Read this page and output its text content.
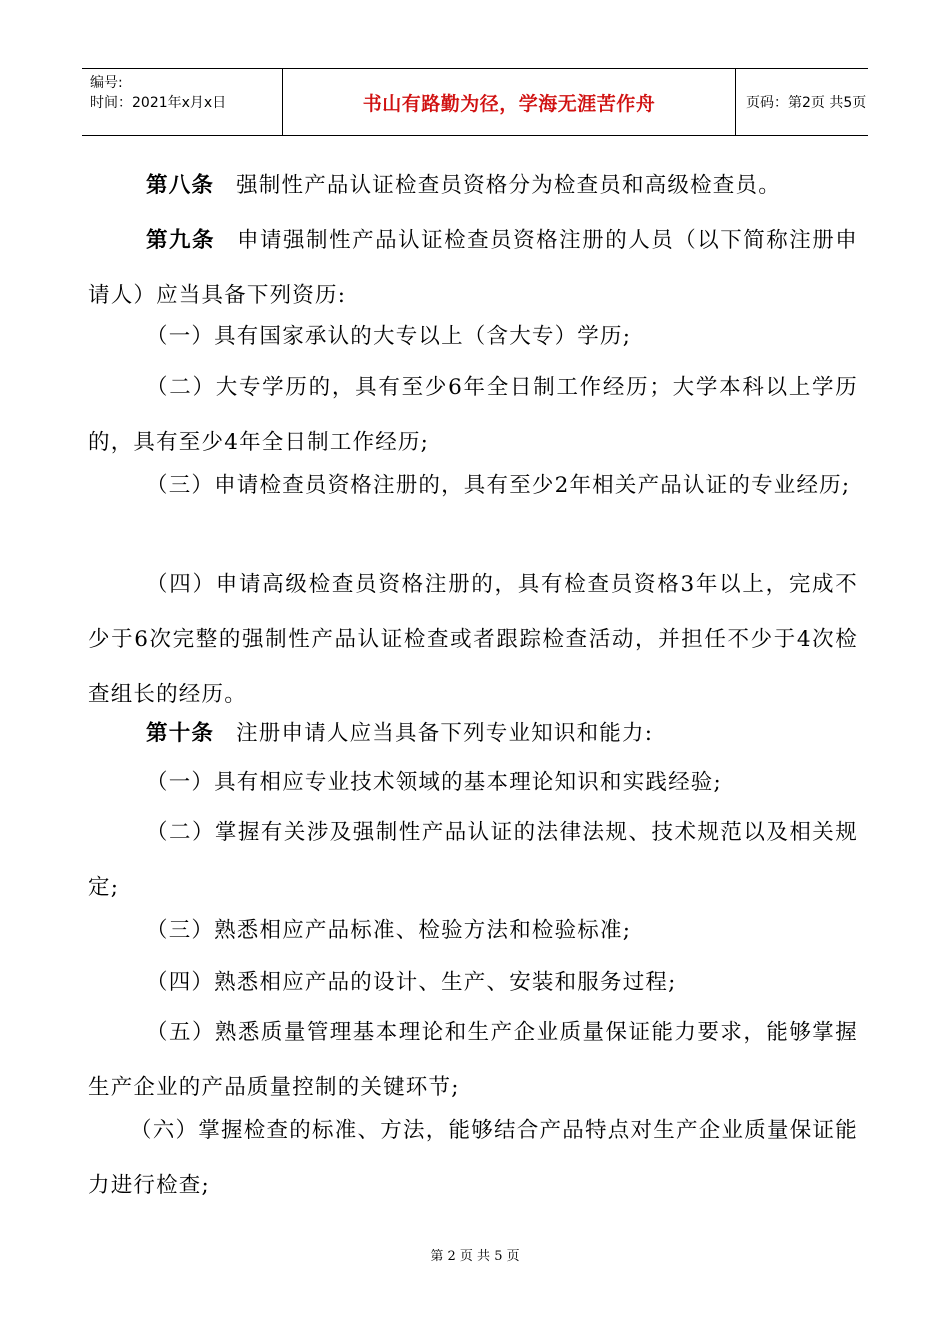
编号:
时间：2021年x月x日	书山有路勤为径，学海无涯苦作舟	页码：第2页 共5页
第八条 强制性产品认证检查员资格分为检查员和高级检查员。
第九条 申请强制性产品认证检查员资格注册的人员（以下简称注册申请人）应当具备下列资历:
（一）具有国家承认的大专以上（含大专）学历;
（二）大专学历的，具有至少6年全日制工作经历；大学本科以上学历的，具有至少4年全日制工作经历;
（三）申请检查员资格注册的，具有至少2年相关产品认证的专业经历;
（四）申请高级检查员资格注册的，具有检查员资格3年以上，完成不少于6次完整的强制性产品认证检查或者跟踪检查活动，并担任不少于4次检查组长的经历。
第十条 注册申请人应当具备下列专业知识和能力:
（一）具有相应专业技术领域的基本理论知识和实践经验;
（二）掌握有关涉及强制性产品认证的法律法规、技术规范以及相关规定;
（三）熟悉相应产品标准、检验方法和检验标准;
（四）熟悉相应产品的设计、生产、安装和服务过程;
（五）熟悉质量管理基本理论和生产企业质量保证能力要求，能够掌握生产企业的产品质量控制的关键环节;
（六）掌握检查的标准、方法，能够结合产品特点对生产企业质量保证能力进行检查;
第 2 页 共 5 页
